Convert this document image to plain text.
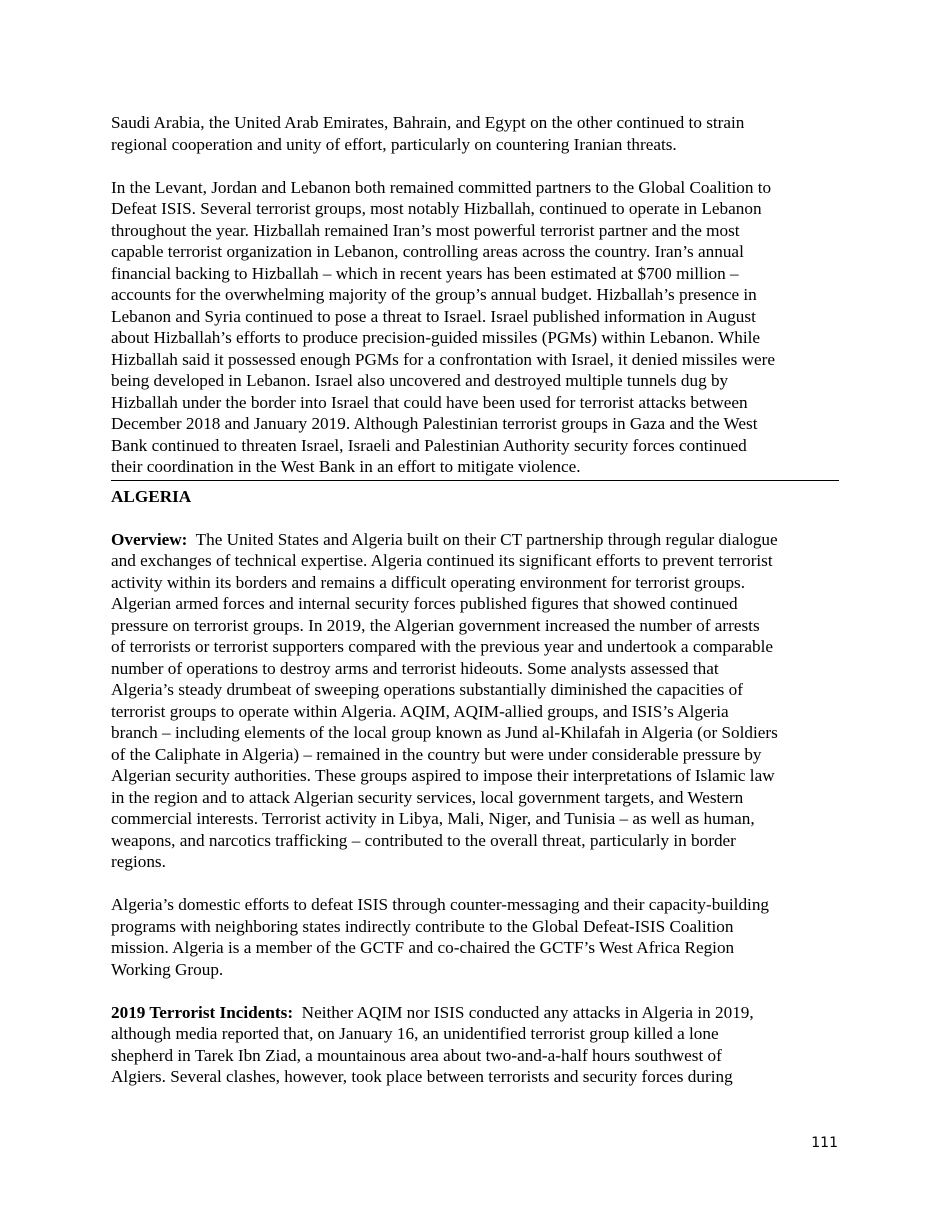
Saudi Arabia, the United Arab Emirates, Bahrain, and Egypt on the other continued to strain
regional cooperation and unity of effort, particularly on countering Iranian threats.

In the Levant, Jordan and Lebanon both remained committed partners to the Global Coalition to
Defeat ISIS. Several terrorist groups, most notably Hizballah, continued to operate in Lebanon
throughout the year. Hizballah remained Iran’s most powerful terrorist partner and the most
capable terrorist organization in Lebanon, controlling areas across the country. Iran’s annual
financial backing to Hizballah – which in recent years has been estimated at $700 million –
accounts for the overwhelming majority of the group’s annual budget. Hizballah’s presence in
Lebanon and Syria continued to pose a threat to Israel. Israel published information in August
about Hizballah’s efforts to produce precision-guided missiles (PGMs) within Lebanon. While
Hizballah said it possessed enough PGMs for a confrontation with Israel, it denied missiles were
being developed in Lebanon. Israel also uncovered and destroyed multiple tunnels dug by
Hizballah under the border into Israel that could have been used for terrorist attacks between
December 2018 and January 2019. Although Palestinian terrorist groups in Gaza and the West
Bank continued to threaten Israel, Israeli and Palestinian Authority security forces continued
their coordination in the West Bank in an effort to mitigate violence.

ALGERIA

Overview:  The United States and Algeria built on their CT partnership through regular dialogue
and exchanges of technical expertise. Algeria continued its significant efforts to prevent terrorist
activity within its borders and remains a difficult operating environment for terrorist groups.
Algerian armed forces and internal security forces published figures that showed continued
pressure on terrorist groups. In 2019, the Algerian government increased the number of arrests
of terrorists or terrorist supporters compared with the previous year and undertook a comparable
number of operations to destroy arms and terrorist hideouts. Some analysts assessed that
Algeria’s steady drumbeat of sweeping operations substantially diminished the capacities of
terrorist groups to operate within Algeria. AQIM, AQIM-allied groups, and ISIS’s Algeria
branch – including elements of the local group known as Jund al-Khilafah in Algeria (or Soldiers
of the Caliphate in Algeria) – remained in the country but were under considerable pressure by
Algerian security authorities. These groups aspired to impose their interpretations of Islamic law
in the region and to attack Algerian security services, local government targets, and Western
commercial interests. Terrorist activity in Libya, Mali, Niger, and Tunisia – as well as human,
weapons, and narcotics trafficking – contributed to the overall threat, particularly in border
regions.

Algeria’s domestic efforts to defeat ISIS through counter-messaging and their capacity-building
programs with neighboring states indirectly contribute to the Global Defeat-ISIS Coalition
mission. Algeria is a member of the GCTF and co-chaired the GCTF’s West Africa Region
Working Group.

2019 Terrorist Incidents:  Neither AQIM nor ISIS conducted any attacks in Algeria in 2019,
although media reported that, on January 16, an unidentified terrorist group killed a lone
shepherd in Tarek Ibn Ziad, a mountainous area about two-and-a-half hours southwest of
Algiers. Several clashes, however, took place between terrorists and security forces during

111
